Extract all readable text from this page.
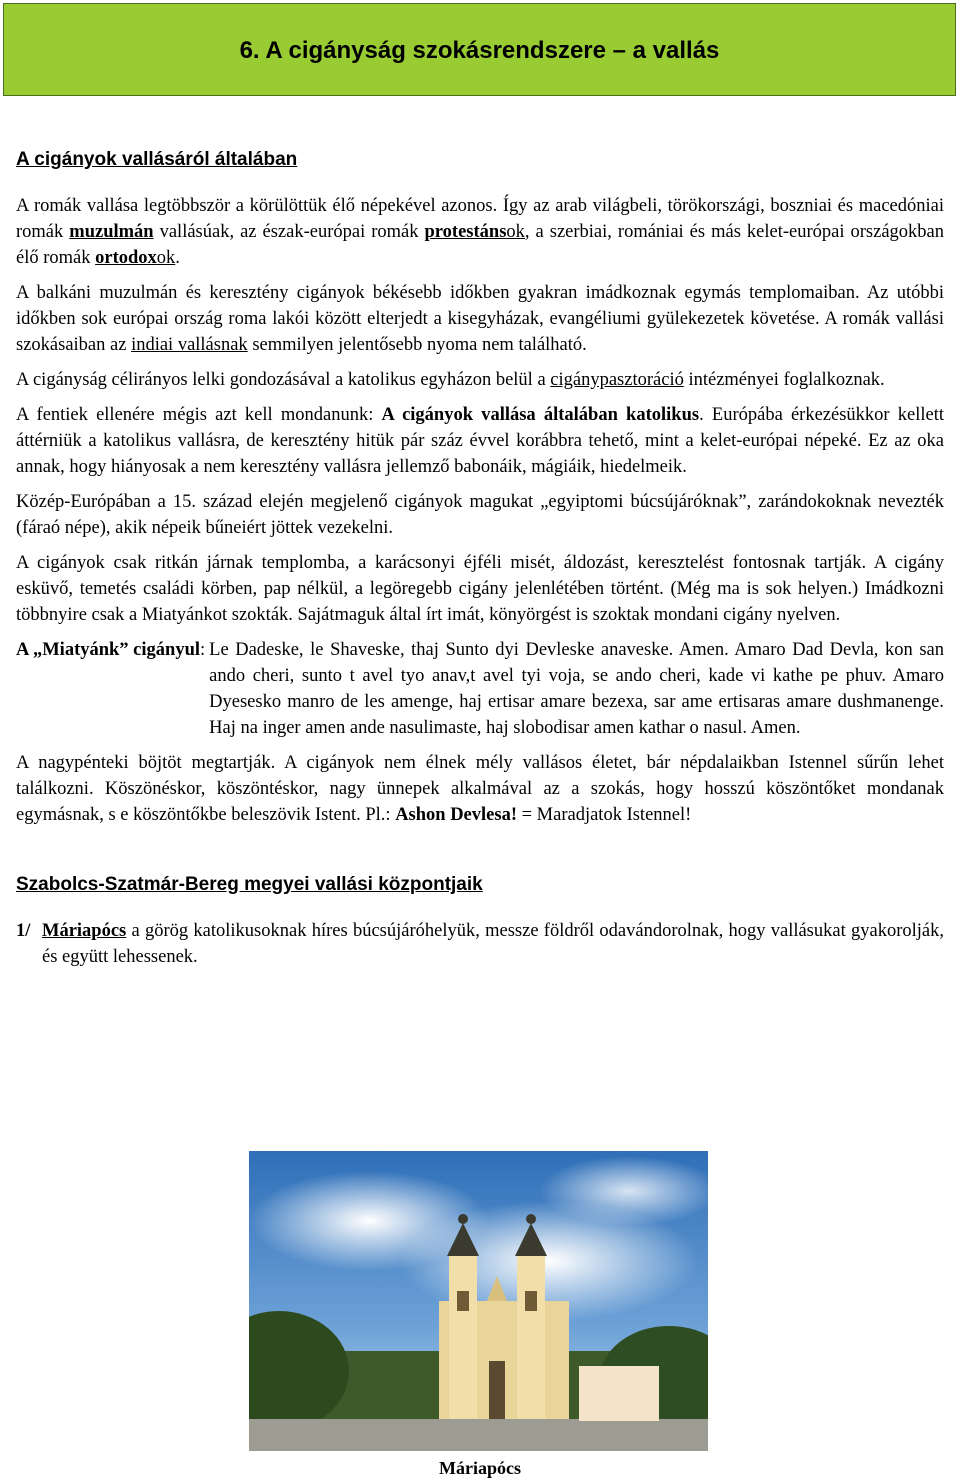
6. A cigányság szokásrendszere – a vallás
A cigányok vallásáról általában

A romák vallása legtöbbször a körülöttük élő népekével azonos. Így az arab világbeli, törökországi, boszniai és macedóniai romák muzulmán vallásúak, az észak-európai romák protestánsok, a szerbiai, romániai és más kelet-európai országokban élő romák ortodoxok.

A balkáni muzulmán és keresztény cigányok békésebb időkben gyakran imádkoznak egymás templomaiban. Az utóbbi időkben sok európai ország roma lakói között elterjedt a kisegyházak, evangéliumi gyülekezetek követése. A romák vallási szokásaiban az indiai vallásnak semmilyen jelentősebb nyoma nem található.

A cigányság célirányos lelki gondozásával a katolikus egyházon belül a cigánypasztoráció intézményei foglalkoznak.

A fentiek ellenére mégis azt kell mondanunk: A cigányok vallása általában katolikus. Európába érkezésükkor kellett áttérniük a katolikus vallásra, de keresztény hitük pár száz évvel korábbra tehető, mint a kelet-európai népeké. Ez az oka annak, hogy hiányosak a nem keresztény vallásra jellemző babonáik, mágiáik, hiedelmeik.

Közép-Európában a 15. század elején megjelenő cigányok magukat „egyiptomi búcsújáróknak”, zarándokoknak nevezték (fáraó népe), akik népeik bűneiért jöttek vezekelni.

A cigányok csak ritkán járnak templomba, a karácsonyi éjféli misét, áldozást, keresztelést fontosnak tartják. A cigány esküvő, temetés családi körben, pap nélkül, a legöregebb cigány jelenlétében történt. (Még ma is sok helyen.) Imádkozni többnyire csak a Miatyánkot szokták. Sajátmaguk által írt imát, könyörgést is szoktak mondani cigány nyelven.

A „Miatyánk” cigányul: Le Dadeske, le Shaveske, thaj Sunto dyi Devleske anaveske. Amen. Amaro Dad Devla, kon san ando cheri, sunto t avel tyo anav,t avel tyi voja, se ando cheri, kade vi kathe pe phuv. Amaro Dyesesko manro de les amenge, haj ertisar amare bezexa, sar ame ertisaras amare dushmanenge. Haj na inger amen ande nasulimaste, haj slobodisar amen kathar o nasul. Amen.

A nagypénteki böjtöt megtartják. A cigányok nem élnek mély vallásos életet, bár népdalaikban Istennel sűrűn lehet találkozni. Köszönéskor, köszöntéskor, nagy ünnepek alkalmával az a szokás, hogy hosszú köszöntőket mondanak egymásnak, s e köszöntőkbe beleszövik Istent. Pl.: Ashon Devlesa! = Maradjatok Istennel!

Szabolcs-Szatmár-Bereg megyei vallási központjaik
1/ Máriapócs a görög katolikusoknak híres búcsújáróhelyük, messze földről odavándorolnak, hogy vallásukat gyakorolják, és együtt lehessenek.
Máriapócs
